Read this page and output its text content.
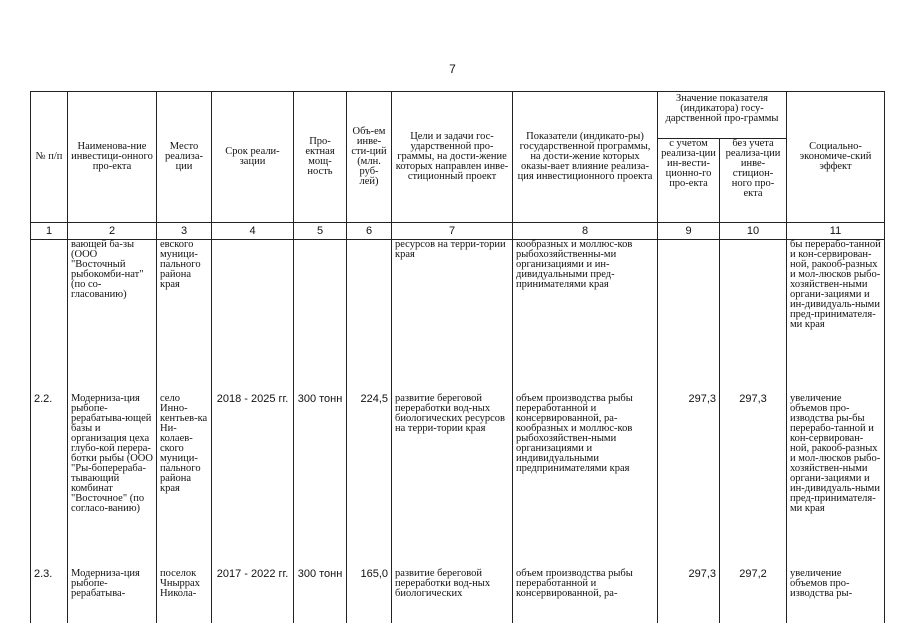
7
№ п/п	Наименова-ние инвестици-онного про-екта	Место реализа-ции	Срок реали-зации	Про-ектная мощ-ность	Объ-ем инве-сти-ций (млн. руб-лей)	Цели и задачи гос-ударственной про-граммы, на дости-жение которых направлен инве-стиционный проект	Показатели (индикато-ры) государственной программы, на дости-жение которых оказы-вает влияние реализа-ция инвестиционного проекта	Значение показателя (индикатора) госу-дарственной про-граммы		Социально-экономиче-ский эффект
								с учетом реализа-ции ин-вести-ционно-го про-екта	без учета реализа-ции инве-стицион-ного про-екта	
1	2	3	4	5	6	7	8	9	10	11
	вающей ба-зы (ООО "Восточный рыбокомби-нат" (по со-гласованию)	евского муници-пального района края				ресурсов на терри-тории края	кообразных и моллюс-ков рыбохозяйственны-ми организациями и ин-дивидуальными пред-принимателями края			бы перерабо-танной и кон-сервирован-ной, ракооб-разных и мол-люсков рыбо-хозяйствен-ными органи-зациями и ин-дивидуаль-ными пред-принимателя-ми края
2.2.	Модерниза-ция рыбопе-рерабатыва-ющей базы и организация цеха глубо-кой перера-ботки рыбы (ООО "Ры-боперераба-тывающий комбинат "Восточное" (по согласо-ванию)	село Инно-кентьев-ка Ни-колаев-ского муници-пального района края	2018 - 2025 гг.	300 тонн	224,5	развитие береговой переработки вод-ных биологических ресурсов на терри-тории края	объем производства рыбы переработанной и консервированной, ра-кообразных и моллюс-ков рыбохозяйствен-ными организациями и индивидуальными предпринимателями края	297,3	297,3	увеличение объемов про-изводства ры-бы перерабо-танной и кон-сервирован-ной, ракооб-разных и мол-люсков рыбо-хозяйствен-ными органи-зациями и ин-дивидуаль-ными пред-принимателя-ми края
2.3.	Модерниза-ция рыбопе-рерабатыва-	поселок Чныррах Никола-	2017 - 2022 гг.	300 тонн	165,0	развитие береговой переработки вод-ных биологических	объем производства рыбы переработанной и консервированной, ра-	297,3	297,2	увеличение объемов про-изводства ры-
